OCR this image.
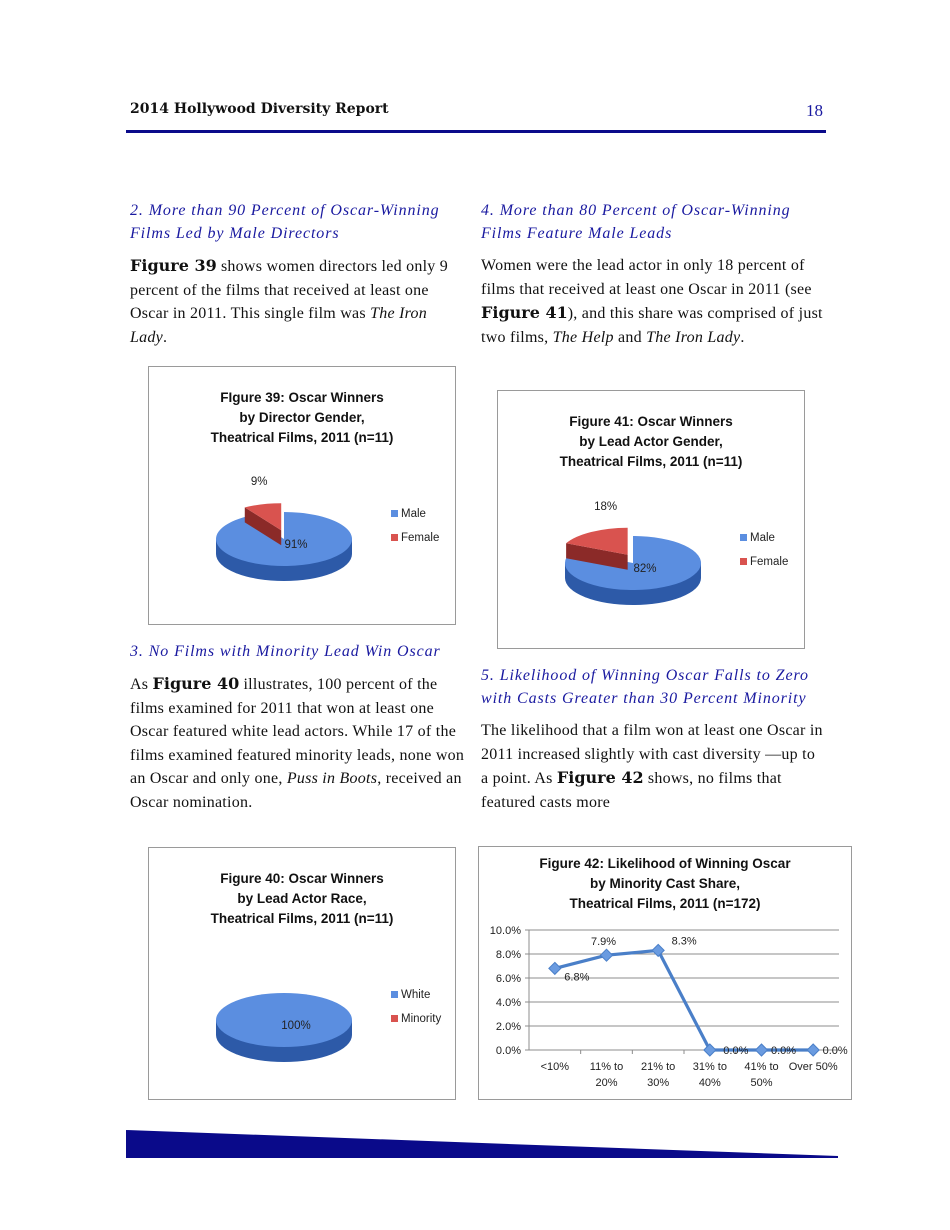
2014 Hollywood Diversity Report	18

2. More than 90 Percent of Oscar-Winning Films Led by Male Directors

Figure 39 shows women directors led only 9 percent of the films that received at least one Oscar in 2011. This single film was The Iron Lady.

FIgure 39: Oscar Winners
by Director Gender,
Theatrical Films, 2011 (n=11)
91%
9%
Male
Female

3. No Films with Minority Lead Win Oscar

As Figure 40 illustrates, 100 percent of the films examined for 2011 that won at least one Oscar featured white lead actors. While 17 of the films examined featured minority leads, none won an Oscar and only one, Puss in Boots, received an Oscar nomination.

Figure 40: Oscar Winners
by Lead Actor Race,
Theatrical Films, 2011 (n=11)
100%
White
Minority

4. More than 80 Percent of Oscar-Winning Films Feature Male Leads

Women were the lead actor in only 18 percent of films that received at least one Oscar in 2011 (see Figure 41), and this share was comprised of just two films, The Help and The Iron Lady.

Figure 41: Oscar Winners
by Lead Actor Gender,
Theatrical Films, 2011 (n=11)
82%
18%
Male
Female

5. Likelihood of Winning Oscar Falls to Zero with Casts Greater than 30 Percent Minority

The likelihood that a film won at least one Oscar in 2011 increased slightly with cast diversity —up to a point. As Figure 42 shows, no films that featured casts more

Figure 42: Likelihood of Winning Oscar
by Minority Cast Share,
Theatrical Films, 2011 (n=172)
0.0%
2.0%
4.0%
6.0%
8.0%
10.0%
<10% 11% to
20%
21% to
30%
31% to
40%
41% to
50%
Over 50%
6.8%
7.9%	8.3%
0.0% 0.0% 0.0%
